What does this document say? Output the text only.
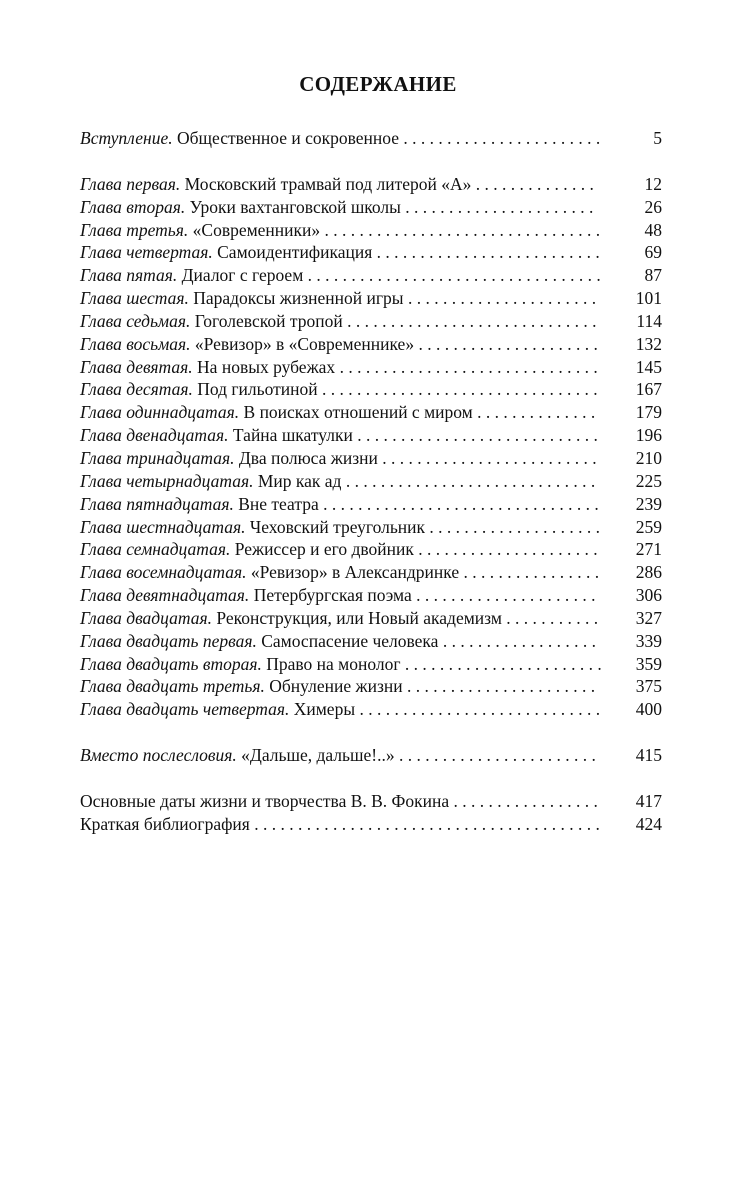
СОДЕРЖАНИЕ
Вступление. Общественное и сокровенное . . . . . . . . . . . . . . . . . . . . . . .	5
Глава первая. Московский трамвай под литерой «А» . . . . . . . . . . . . . .	12
Глава вторая. Уроки вахтанговской школы . . . . . . . . . . . . . . . . . . . . . .	26
Глава третья. «Современники» . . . . . . . . . . . . . . . . . . . . . . . . . . . . . . . .	48
Глава четвертая. Самоидентификация . . . . . . . . . . . . . . . . . . . . . . . . . .	69
Глава пятая. Диалог с героем . . . . . . . . . . . . . . . . . . . . . . . . . . . . . . . . . .	87
Глава шестая. Парадоксы жизненной игры . . . . . . . . . . . . . . . . . . . . . . 101
Глава седьмая. Гоголевской тропой . . . . . . . . . . . . . . . . . . . . . . . . . . . . . 114
Глава восьмая. «Ревизор» в «Современнике» . . . . . . . . . . . . . . . . . . . . . 132
Глава девятая. На новых рубежах . . . . . . . . . . . . . . . . . . . . . . . . . . . . . . 145
Глава десятая. Под гильотиной . . . . . . . . . . . . . . . . . . . . . . . . . . . . . . . . 167
Глава одиннадцатая. В поисках отношений с миром . . . . . . . . . . . . . . 179
Глава двенадцатая. Тайна шкатулки . . . . . . . . . . . . . . . . . . . . . . . . . . . . 196
Глава тринадцатая. Два полюса жизни . . . . . . . . . . . . . . . . . . . . . . . . . 210
Глава четырнадцатая. Мир как ад . . . . . . . . . . . . . . . . . . . . . . . . . . . . . 225
Глава пятнадцатая. Вне театра . . . . . . . . . . . . . . . . . . . . . . . . . . . . . . . . 239
Глава шестнадцатая. Чеховский треугольник . . . . . . . . . . . . . . . . . . . . 259
Глава семнадцатая. Режиссер и его двойник . . . . . . . . . . . . . . . . . . . . . 271
Глава восемнадцатая. «Ревизор» в Александринке . . . . . . . . . . . . . . . . 286
Глава девятнадцатая. Петербургская поэма . . . . . . . . . . . . . . . . . . . . . 306
Глава двадцатая. Реконструкция, или Новый академизм . . . . . . . . . . . 327
Глава двадцать первая. Самоспасение человека . . . . . . . . . . . . . . . . . . 339
Глава двадцать вторая. Право на монолог . . . . . . . . . . . . . . . . . . . . . . . 359
Глава двадцать третья. Обнуление жизни . . . . . . . . . . . . . . . . . . . . . . 375
Глава двадцать четвертая. Химеры . . . . . . . . . . . . . . . . . . . . . . . . . . . . 400
Вместо послесловия. «Дальше, дальше!..» . . . . . . . . . . . . . . . . . . . . . . . 415
Основные даты жизни и творчества В. В. Фокина . . . . . . . . . . . . . . . . . 417
Краткая библиография . . . . . . . . . . . . . . . . . . . . . . . . . . . . . . . . . . . . . . . . 424
